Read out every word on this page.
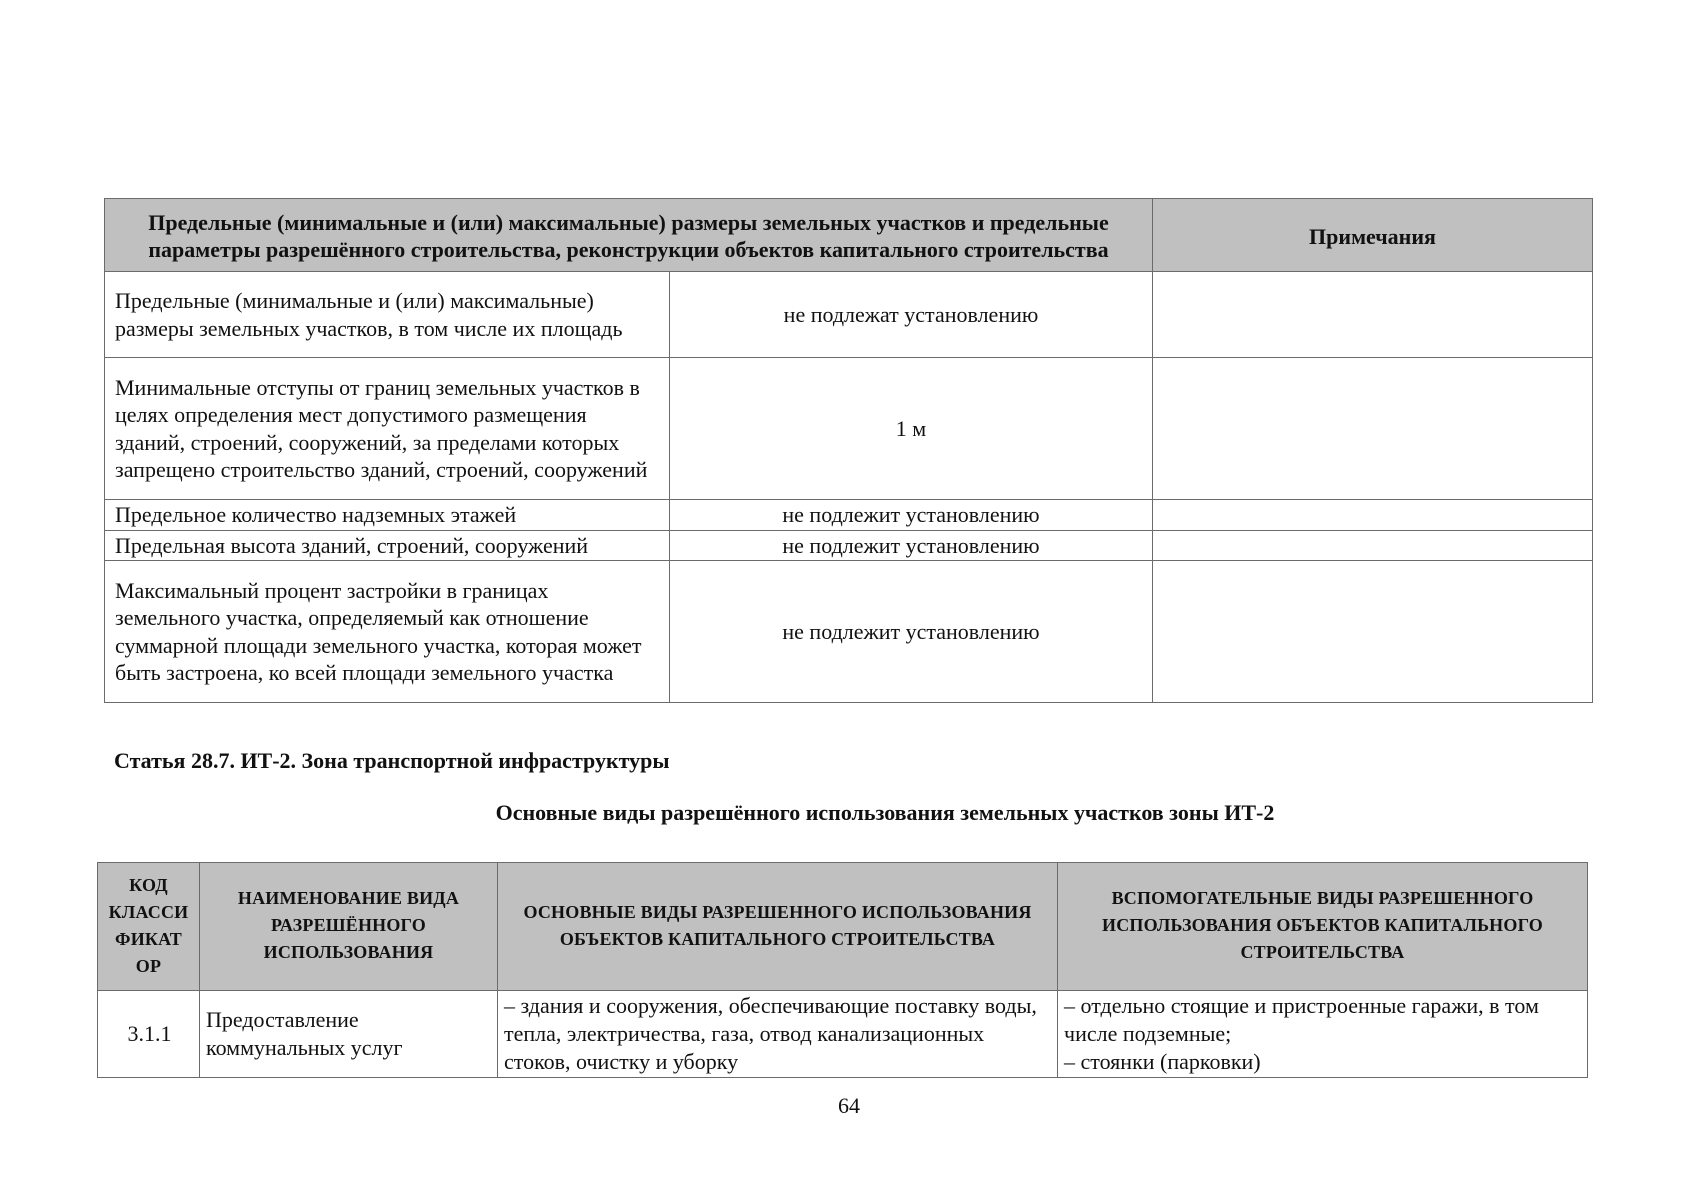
Предельные (минимальные и (или) максимальные) размеры земельных участков и предельные параметры разрешённого строительства, реконструкции объектов капитального строительства		Примечания
Предельные (минимальные и (или) максимальные) размеры земельных участков, в том числе их площадь	не подлежат установлению	
Минимальные отступы от границ земельных участков в целях определения мест допустимого размещения зданий, строений, сооружений, за пределами которых запрещено строительство зданий, строений, сооружений	1 м	
Предельное количество надземных этажей	не подлежит установлению	
Предельная высота зданий, строений, сооружений	не подлежит установлению	
Максимальный процент застройки в границах земельного участка, определяемый как отношение суммарной площади земельного участка, которая может быть застроена, ко всей площади земельного участка	не подлежит установлению	
Статья 28.7. ИТ-2. Зона транспортной инфраструктуры
Основные виды разрешённого использования земельных участков зоны ИТ-2
КОД КЛАССИ ФИКАТ ОР	НАИМЕНОВАНИЕ ВИДА РАЗРЕШЁННОГО ИСПОЛЬЗОВАНИЯ	ОСНОВНЫЕ ВИДЫ РАЗРЕШЕННОГО ИСПОЛЬЗОВАНИЯ ОБЪЕКТОВ КАПИТАЛЬНОГО СТРОИТЕЛЬСТВА	ВСПОМОГАТЕЛЬНЫЕ ВИДЫ РАЗРЕШЕННОГО ИСПОЛЬЗОВАНИЯ ОБЪЕКТОВ КАПИТАЛЬНОГО СТРОИТЕЛЬСТВА
3.1.1	Предоставление коммунальных услуг	– здания и сооружения, обеспечивающие поставку воды, тепла, электричества, газа, отвод канализационных стоков, очистку и уборку	– отдельно стоящие и пристроенные гаражи, в том числе подземные;
– стоянки (парковки)
64
